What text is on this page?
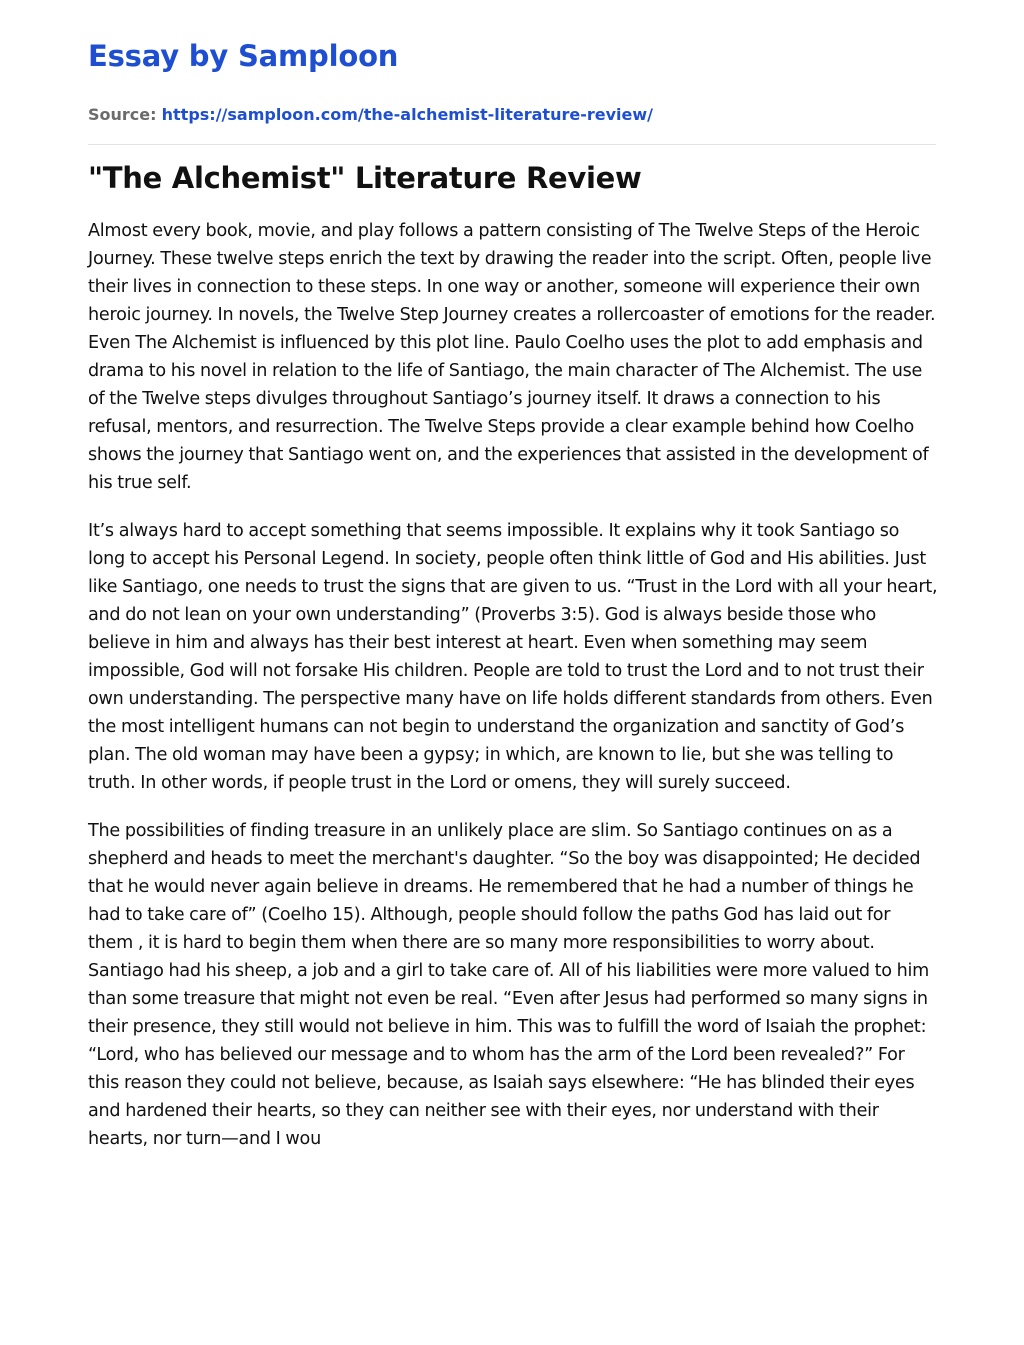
Essay by Samploon
Source: https://samploon.com/the-alchemist-literature-review/
"The Alchemist" Literature Review

Almost every book, movie, and play follows a pattern consisting of The Twelve Steps of the Heroic Journey. These twelve steps enrich the text by drawing the reader into the script. Often, people live their lives in connection to these steps. In one way or another, someone will experience their own heroic journey. In novels, the Twelve Step Journey creates a rollercoaster of emotions for the reader. Even The Alchemist is influenced by this plot line. Paulo Coelho uses the plot to add emphasis and drama to his novel in relation to the life of Santiago, the main character of The Alchemist. The use of the Twelve steps divulges throughout Santiago’s journey itself. It draws a connection to his refusal, mentors, and resurrection. The Twelve Steps provide a clear example behind how Coelho shows the journey that Santiago went on, and the experiences that assisted in the development of his true self.

It’s always hard to accept something that seems impossible. It explains why it took Santiago so long to accept his Personal Legend. In society, people often think little of God and His abilities. Just like Santiago, one needs to trust the signs that are given to us. “Trust in the Lord with all your heart, and do not lean on your own understanding” (Proverbs 3:5). God is always beside those who believe in him and always has their best interest at heart. Even when something may seem impossible, God will not forsake His children. People are told to trust the Lord and to not trust their own understanding. The perspective many have on life holds different standards from others. Even the most intelligent humans can not begin to understand the organization and sanctity of God’s plan. The old woman may have been a gypsy; in which, are known to lie, but she was telling to truth. In other words, if people trust in the Lord or omens, they will surely succeed.

The possibilities of finding treasure in an unlikely place are slim. So Santiago continues on as a shepherd and heads to meet the merchant's daughter. “So the boy was disappointed; He decided that he would never again believe in dreams. He remembered that he had a number of things he had to take care of” (Coelho 15). Although, people should follow the paths God has laid out for them , it is hard to begin them when there are so many more responsibilities to worry about. Santiago had his sheep, a job and a girl to take care of. All of his liabilities were more valued to him than some treasure that might not even be real. “Even after Jesus had performed so many signs in their presence, they still would not believe in him. This was to fulfill the word of Isaiah the prophet: “Lord, who has believed our message and to whom has the arm of the Lord been revealed?” For this reason they could not believe, because, as Isaiah says elsewhere: “He has blinded their eyes and hardened their hearts, so they can neither see with their eyes, nor understand with their hearts, nor turn—and I wou
